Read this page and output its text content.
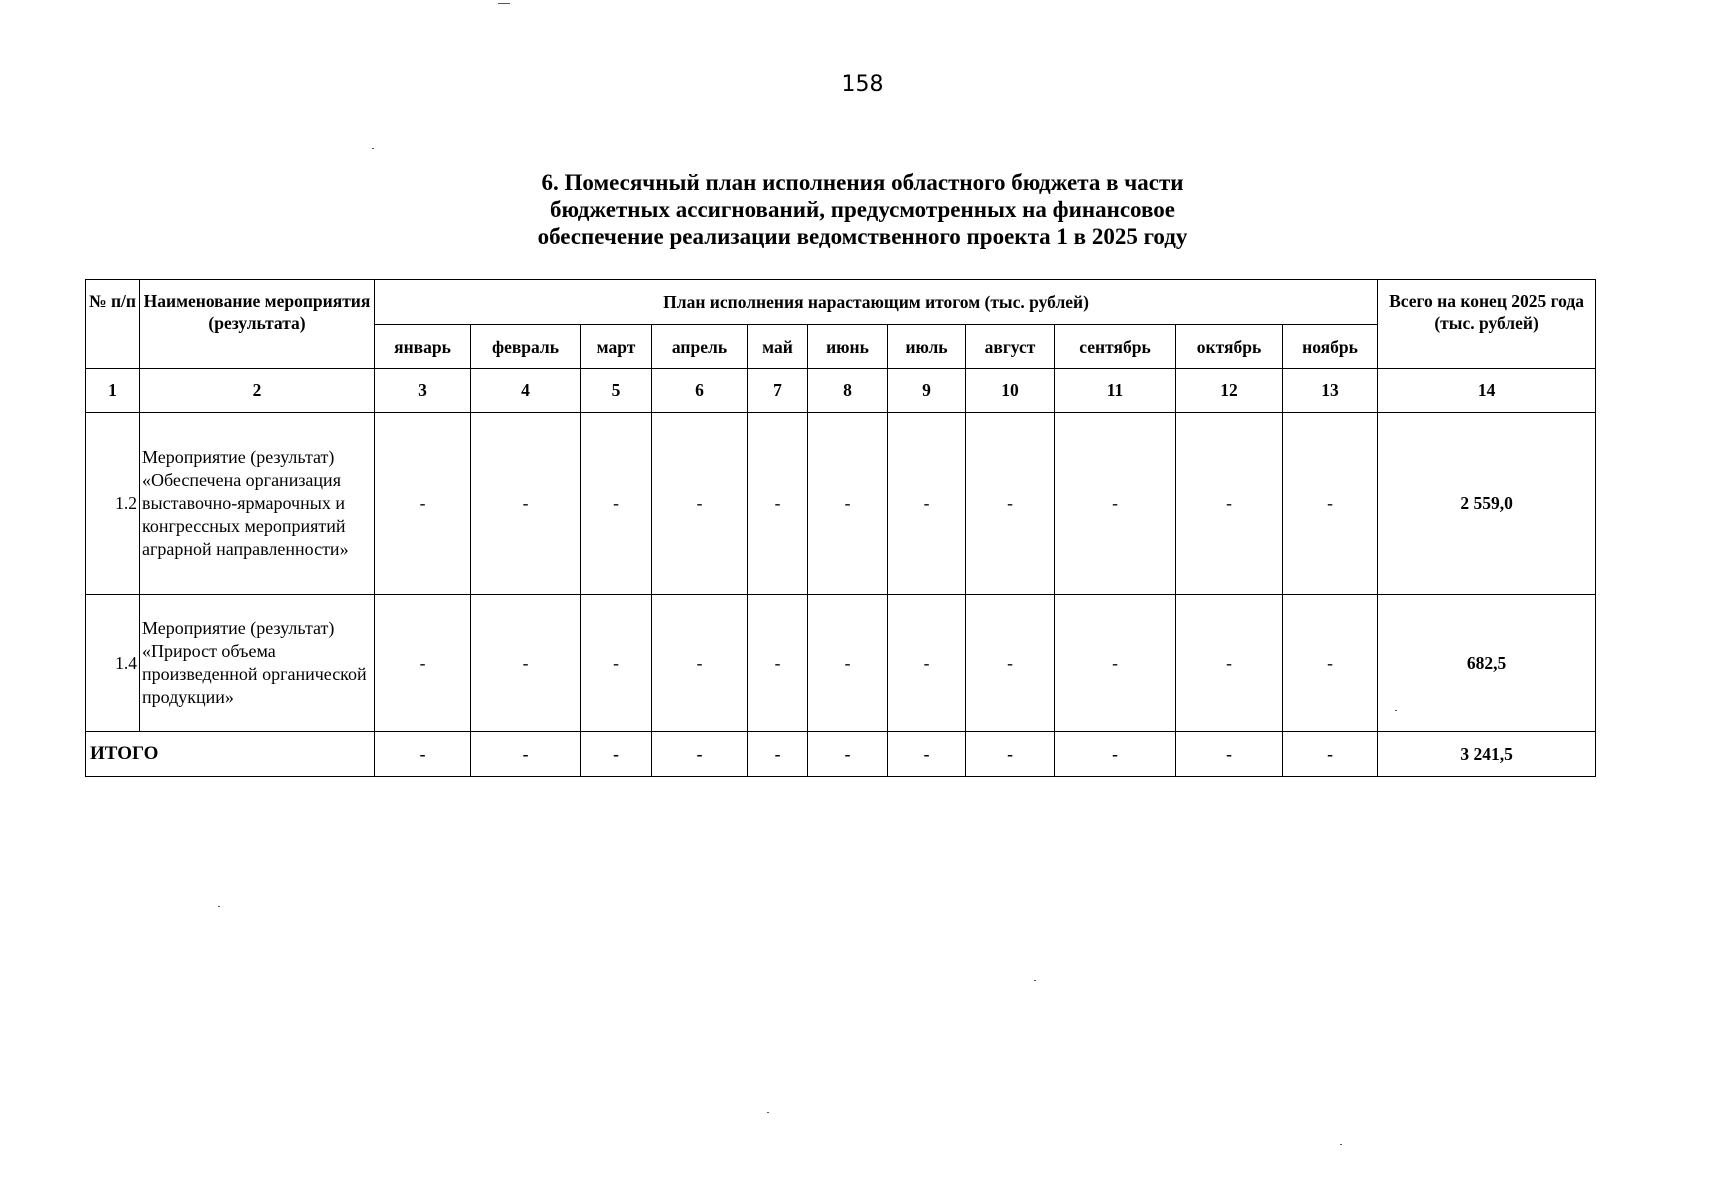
158
6. Помесячный план исполнения областного бюджета в части
бюджетных ассигнований, предусмотренных на финансовое
обеспечение реализации ведомственного проекта 1 в 2025 году
№ п/п	Наименование мероприятия (результата)	План исполнения нарастающим итогом (тыс. рублей)											Всего на конец 2025 года (тыс. рублей)
		январь	февраль	март	апрель	май	июнь	июль	август	сентябрь	октябрь	ноябрь	
1	2	3	4	5	6	7	8	9	10	11	12	13	14
1.2	Мероприятие (результат) «Обеспечена организация выставочно-ярмарочных и конгрессных мероприятий аграрной направленности»	-	-	-	-	-	-	-	-	-	-	-	2 559,0
1.4	Мероприятие (результат) «Прирост объема произведенной органической продукции»	-	-	-	-	-	-	-	-	-	-	-	682,5
ИТОГО		-	-	-	-	-	-	-	-	-	-	-	3 241,5
